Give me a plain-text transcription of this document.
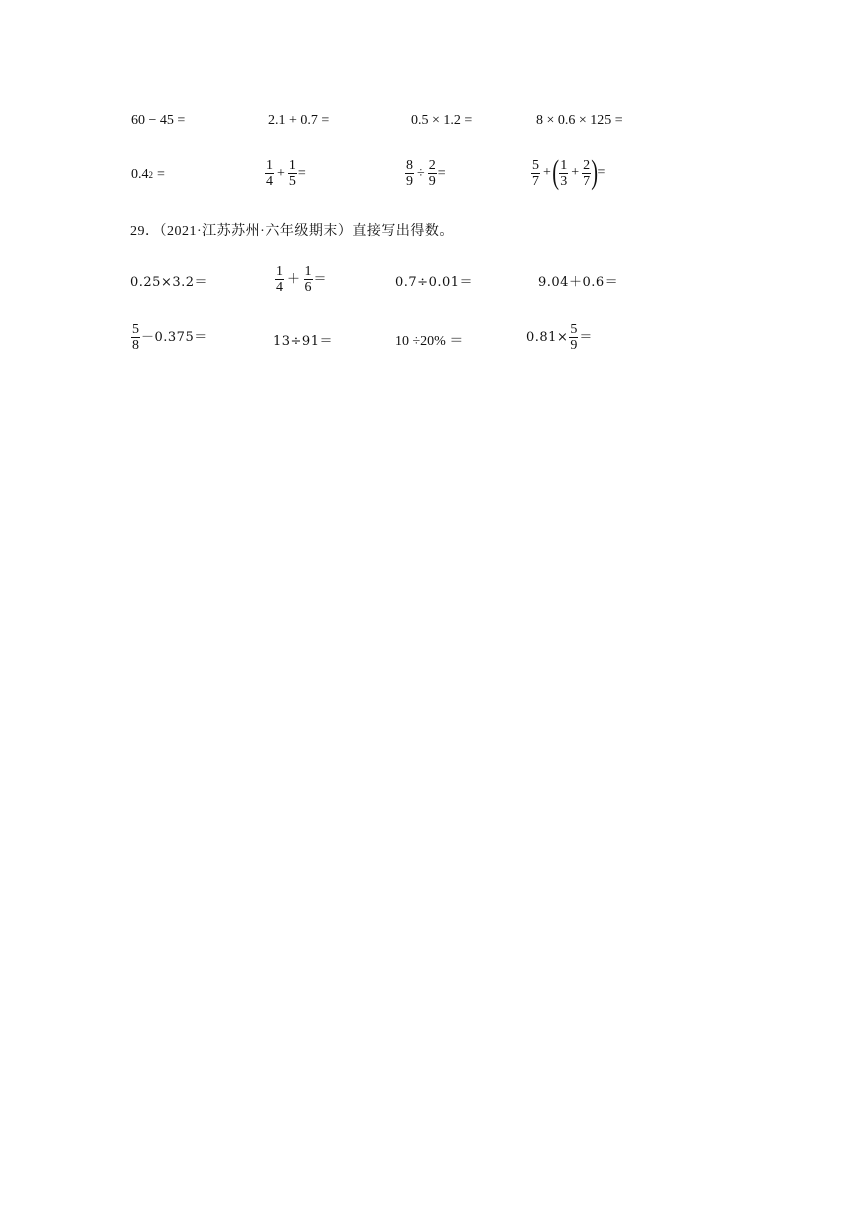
60 − 45 =	2.1 + 0.7 =	0.5 × 1.2 =	8 × 0.6 × 125 =
0.4 2 =	$\frac{1}{4} + \frac{1}{5}$ =	$\frac{8}{9} \div \frac{2}{9}$ =	$\frac{5}{7}$ + ( $\frac{1}{3} + \frac{2}{7}$ ) =
29．（2021·江苏苏州·六年级期末）直接写出得数。
0.25×3.2＝	$\frac{1}{4} + \frac{1}{6}$ ＝	0.7÷0.01＝	9.04＋0.6＝
$\frac{5}{8} -0.375=$	13÷91＝	10 ÷20% ＝	$0.81\times \frac{5}{9}$ ＝
